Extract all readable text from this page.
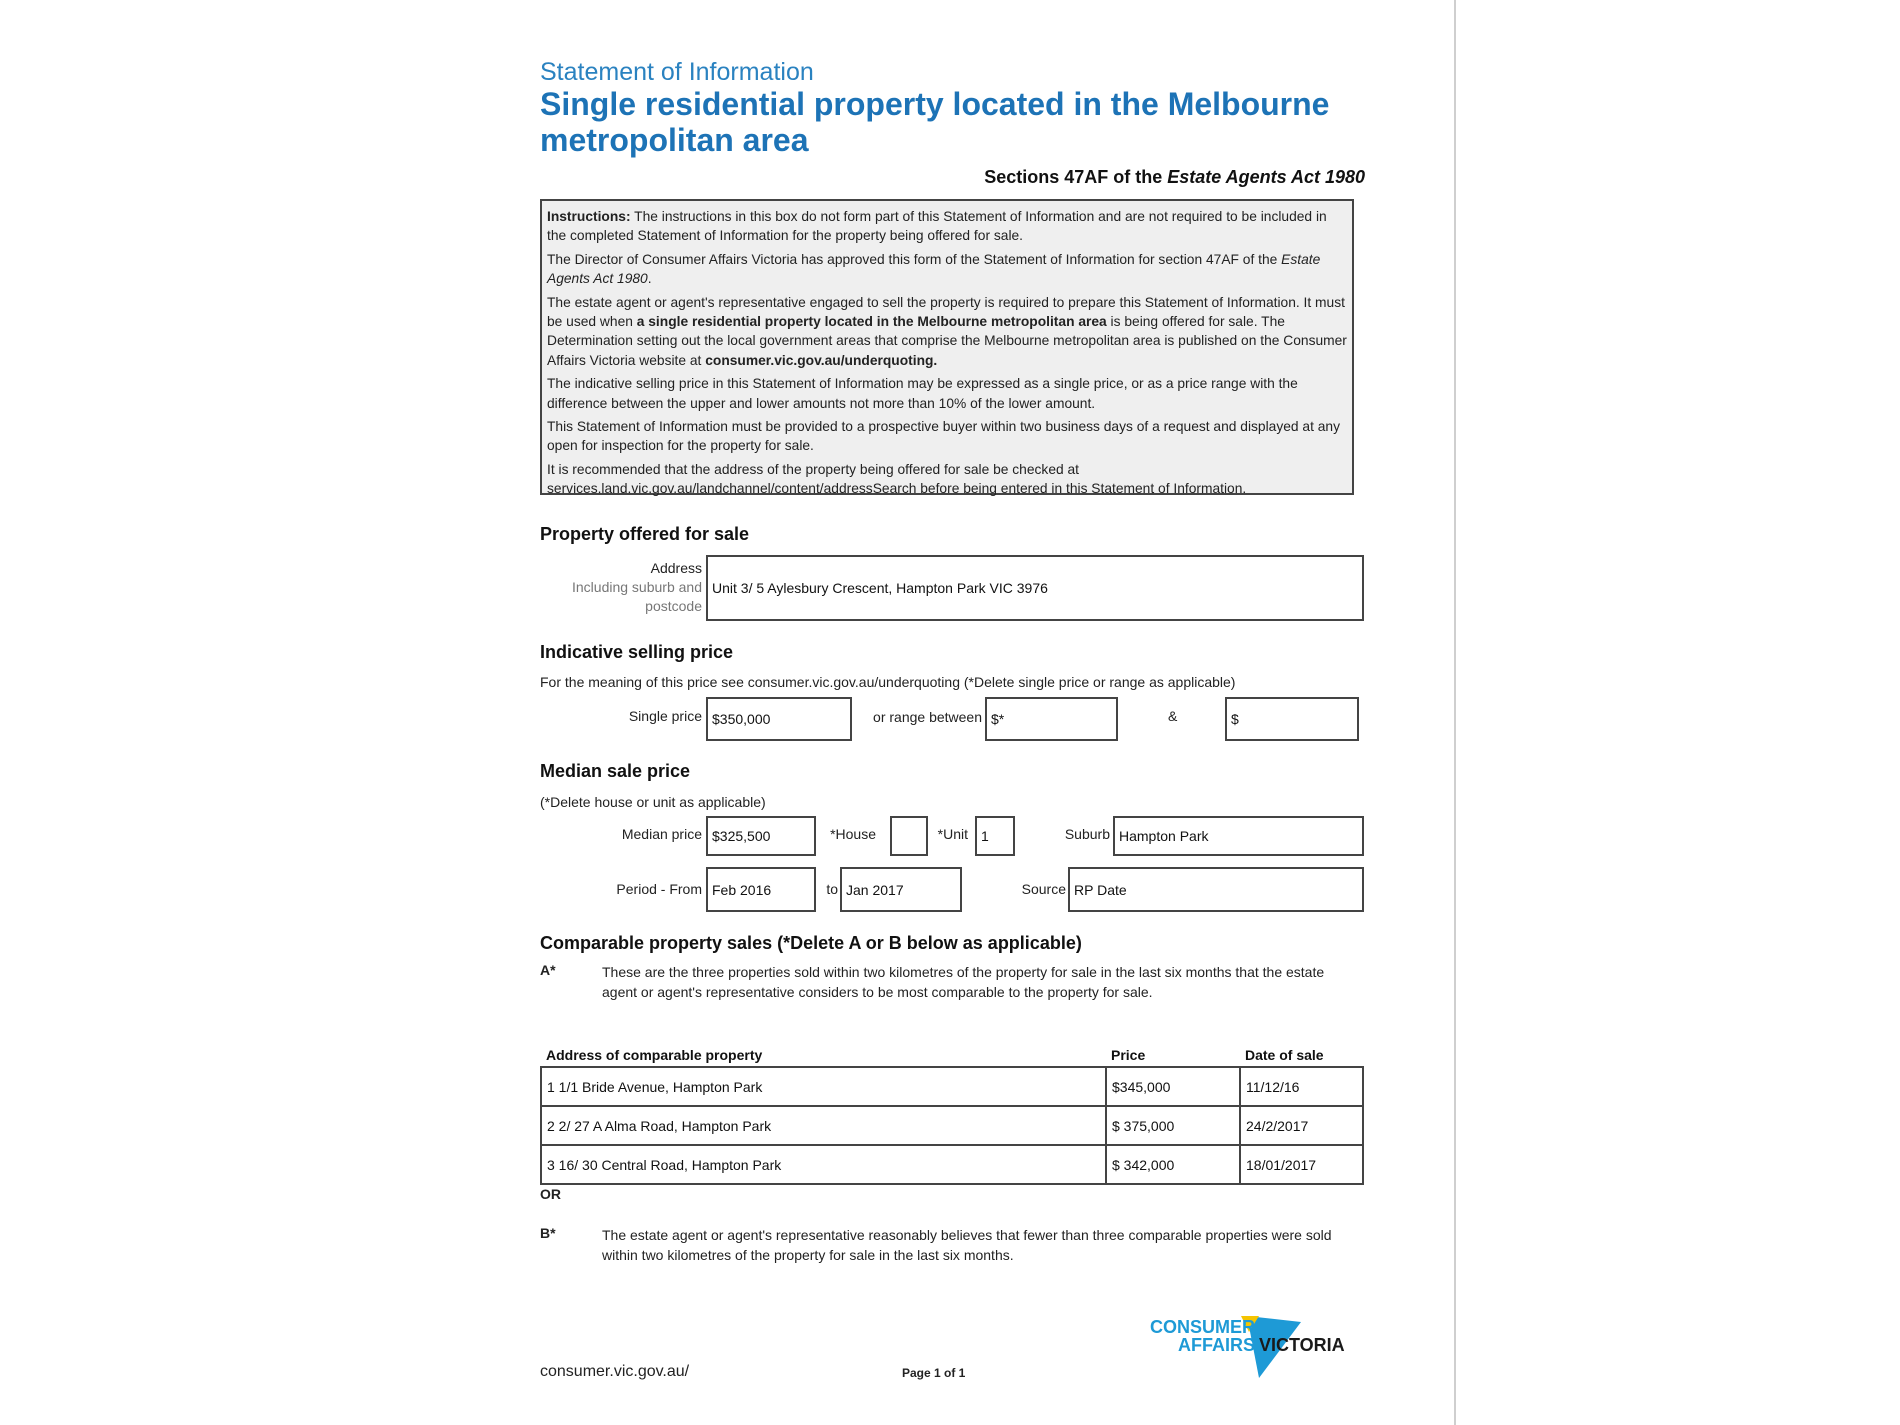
Statement of Information
Single residential property located in the Melbourne metropolitan area
Sections 47AF of the Estate Agents Act 1980

Instructions: The instructions in this box do not form part of this Statement of Information and are not required to be included in the completed Statement of Information for the property being offered for sale.

The Director of Consumer Affairs Victoria has approved this form of the Statement of Information for section 47AF of the Estate Agents Act 1980.

The estate agent or agent's representative engaged to sell the property is required to prepare this Statement of Information. It must be used when a single residential property located in the Melbourne metropolitan area is being offered for sale. The Determination setting out the local government areas that comprise the Melbourne metropolitan area is published on the Consumer Affairs Victoria website at consumer.vic.gov.au/underquoting.

The indicative selling price in this Statement of Information may be expressed as a single price, or as a price range with the difference between the upper and lower amounts not more than 10% of the lower amount.

This Statement of Information must be provided to a prospective buyer within two business days of a request and displayed at any open for inspection for the property for sale.

It is recommended that the address of the property being offered for sale be checked at services.land.vic.gov.au/landchannel/content/addressSearch before being entered in this Statement of Information.

Property offered for sale
Address
Including suburb and
postcode
Unit 3/ 5 Aylesbury Crescent, Hampton Park VIC 3976
Indicative selling price
For the meaning of this price see consumer.vic.gov.au/underquoting (*Delete single price or range as applicable)
Single price $350,000	or range between $*	&	$
Median sale price
(*Delete house or unit as applicable)
Median price $325,500	*House	*Unit 1	Suburb Hampton Park
Period - From Feb 2016	to Jan 2017	Source RP Date
Comparable property sales (*Delete A or B below as applicable)
A*	These are the three properties sold within two kilometres of the property for sale in the last six months that the estate agent or agent's representative considers to be most comparable to the property for sale.
Address of comparable property	Price	Date of sale
1 1/1 Bride Avenue, Hampton Park	$345,000	11/12/16
2 2/ 27 A Alma Road, Hampton Park	$ 375,000	24/2/2017
3 16/ 30 Central Road, Hampton Park	$ 342,000	18/01/2017
OR
B*	The estate agent or agent's representative reasonably believes that fewer than three comparable properties were sold within two kilometres of the property for sale in the last six months.
consumer.vic.gov.au/	Page 1 of 1
CONSUMER
AFFAIRS VICTORIA
